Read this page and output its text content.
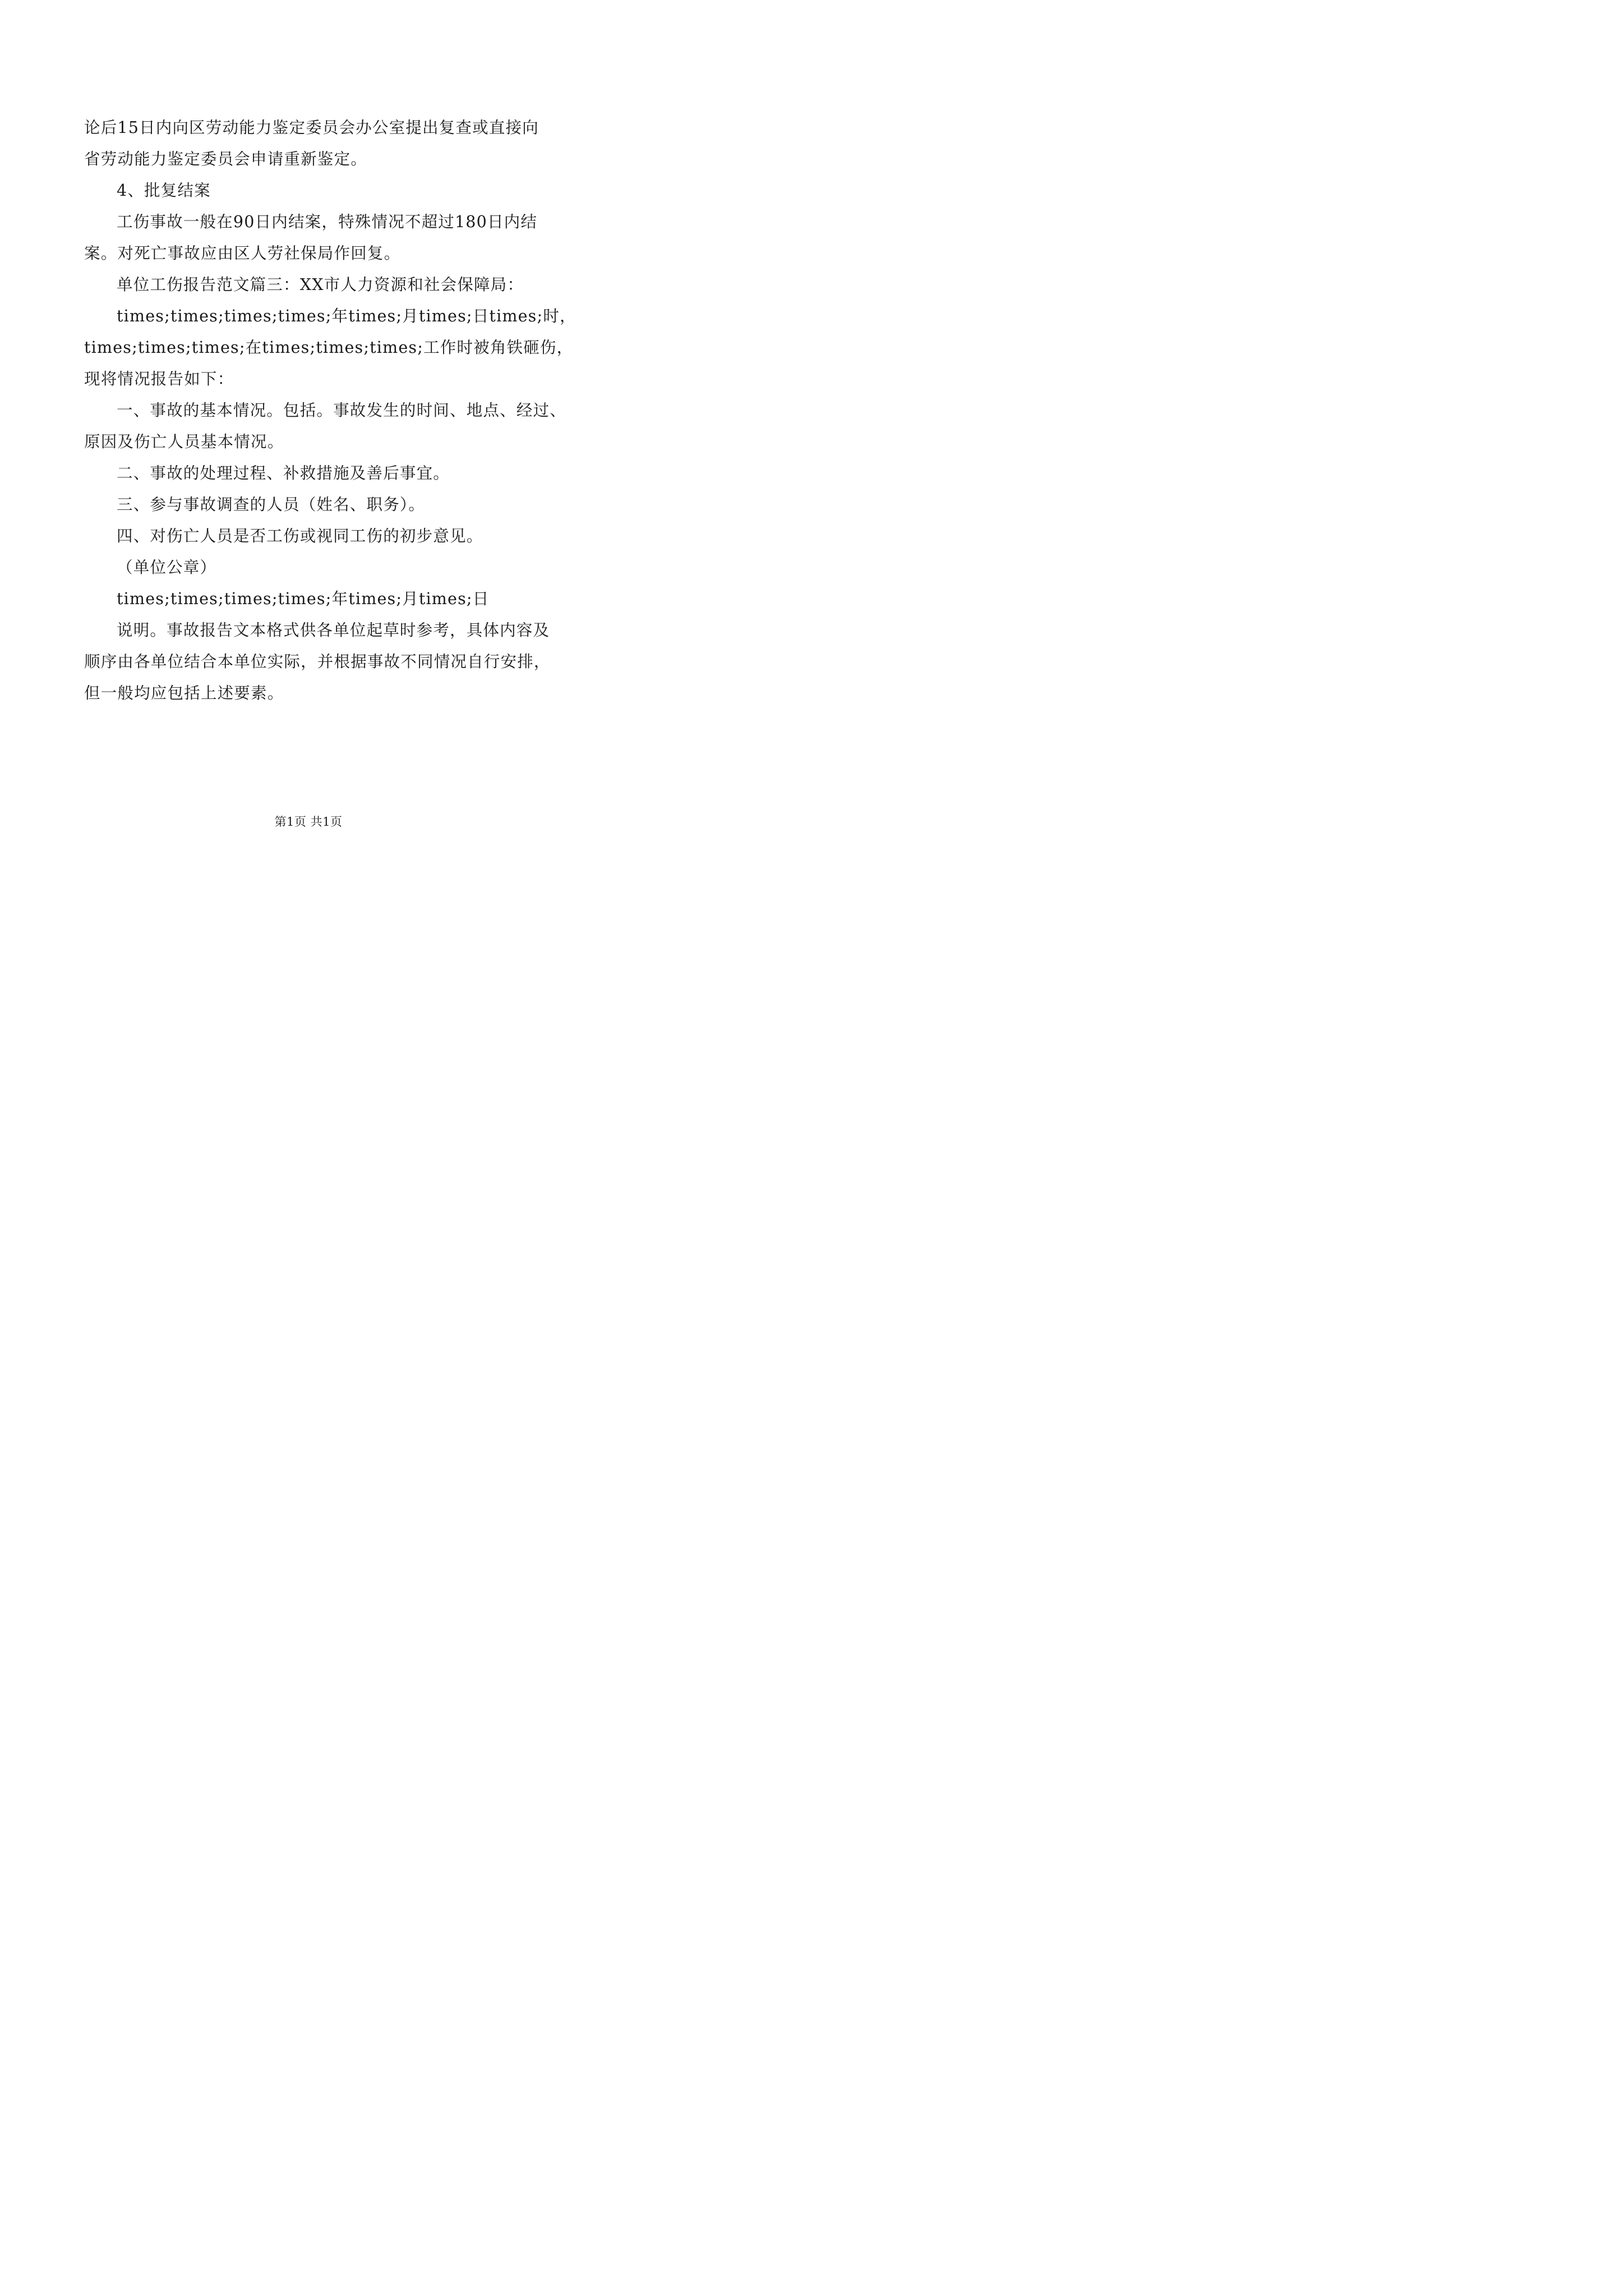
论后15日内向区劳动能力鉴定委员会办公室提出复查或直接向
省劳动能力鉴定委员会申请重新鉴定。
4、批复结案
工伤事故一般在90日内结案，特殊情况不超过180日内结
案。对死亡事故应由区人劳社保局作回复。
单位工伤报告范文篇三：XX市人力资源和社会保障局：
times;times;times;times;年times;月times;日times;时，
times;times;times;在times;times;times;工作时被角铁砸伤，
现将情况报告如下：
一、事故的基本情况。包括。事故发生的时间、地点、经过、
原因及伤亡人员基本情况。
二、事故的处理过程、补救措施及善后事宜。
三、参与事故调查的人员（姓名、职务）。
四、对伤亡人员是否工伤或视同工伤的初步意见。
（单位公章）
times;times;times;times;年times;月times;日
说明。事故报告文本格式供各单位起草时参考，具体内容及
顺序由各单位结合本单位实际，并根据事故不同情况自行安排，
但一般均应包括上述要素。
第1页 共1页
